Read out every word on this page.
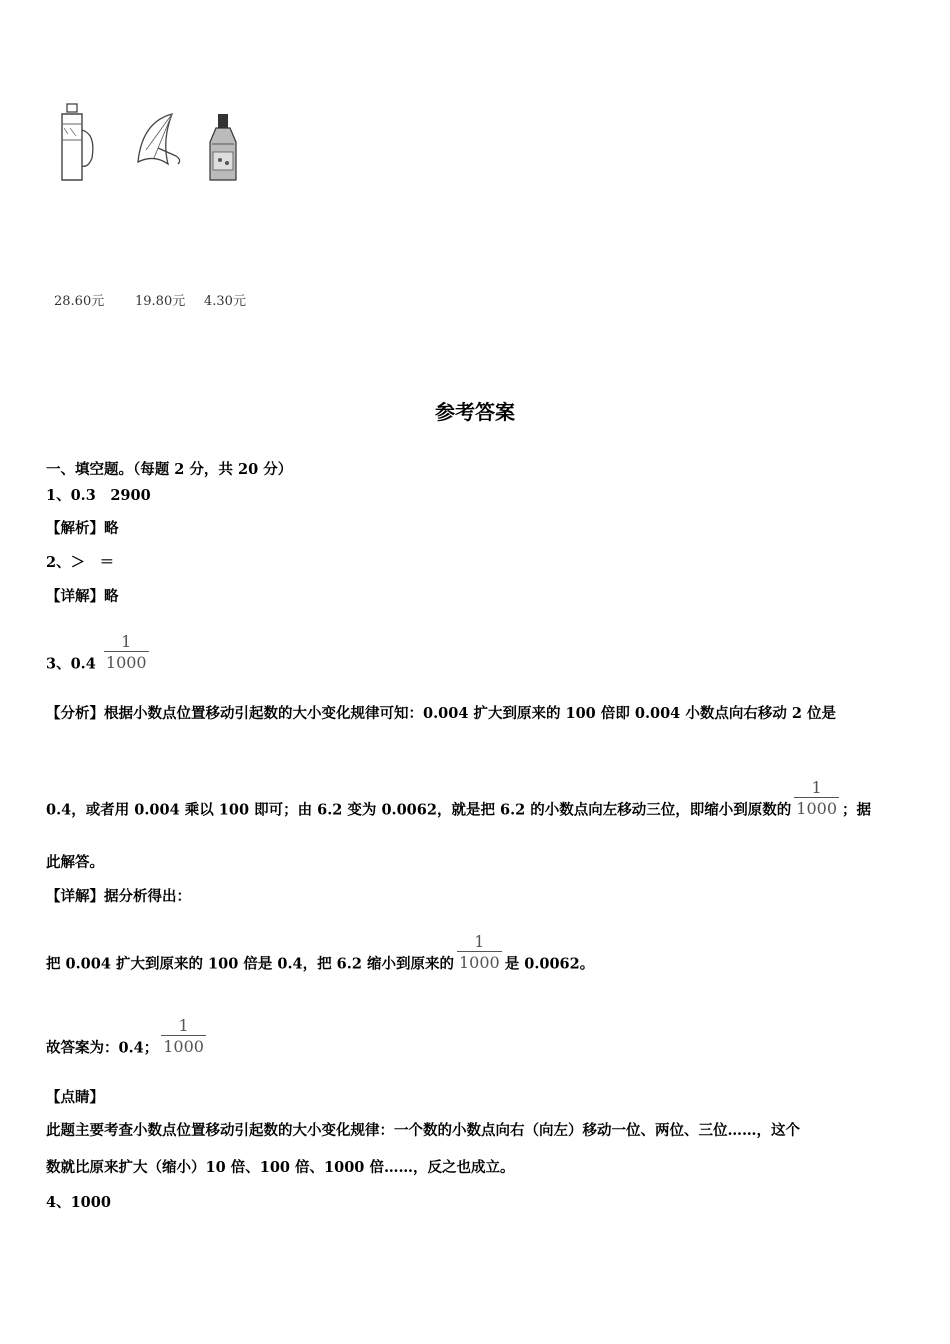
28.60元 19.80元 4.30元
参考答案
一、填空题。（每题 2 分，共 20 分）
1、0.3　2900
【解析】略
2、＞　＝
【详解】略
3、$0.4 \frac{1}{1000}$
【分析】根据小数点位置移动引起数的大小变化规律可知：0.004 扩大到原来的 100 倍即 0.004 小数点向右移动 2 位是
0.4，或者用 0.004 乘以 100 即可；由 6.2 变为 0.0062，就是把 6.2 的小数点向左移动三位，即缩小到原数的 $\frac{1}{1000}$ ；据
此解答。
【详解】据分析得出：
把 0.004 扩大到原来的 100 倍是 0.4，把 6.2 缩小到原来的 $\frac{1}{1000}$ 是 0.0062。
故答案为：0.4； $\frac{1}{1000}$
【点睛】
此题主要考查小数点位置移动引起数的大小变化规律：一个数的小数点向右（向左）移动一位、两位、三位……，这个
数就比原来扩大（缩小）10 倍、100 倍、1000 倍……，反之也成立。
4、1000
